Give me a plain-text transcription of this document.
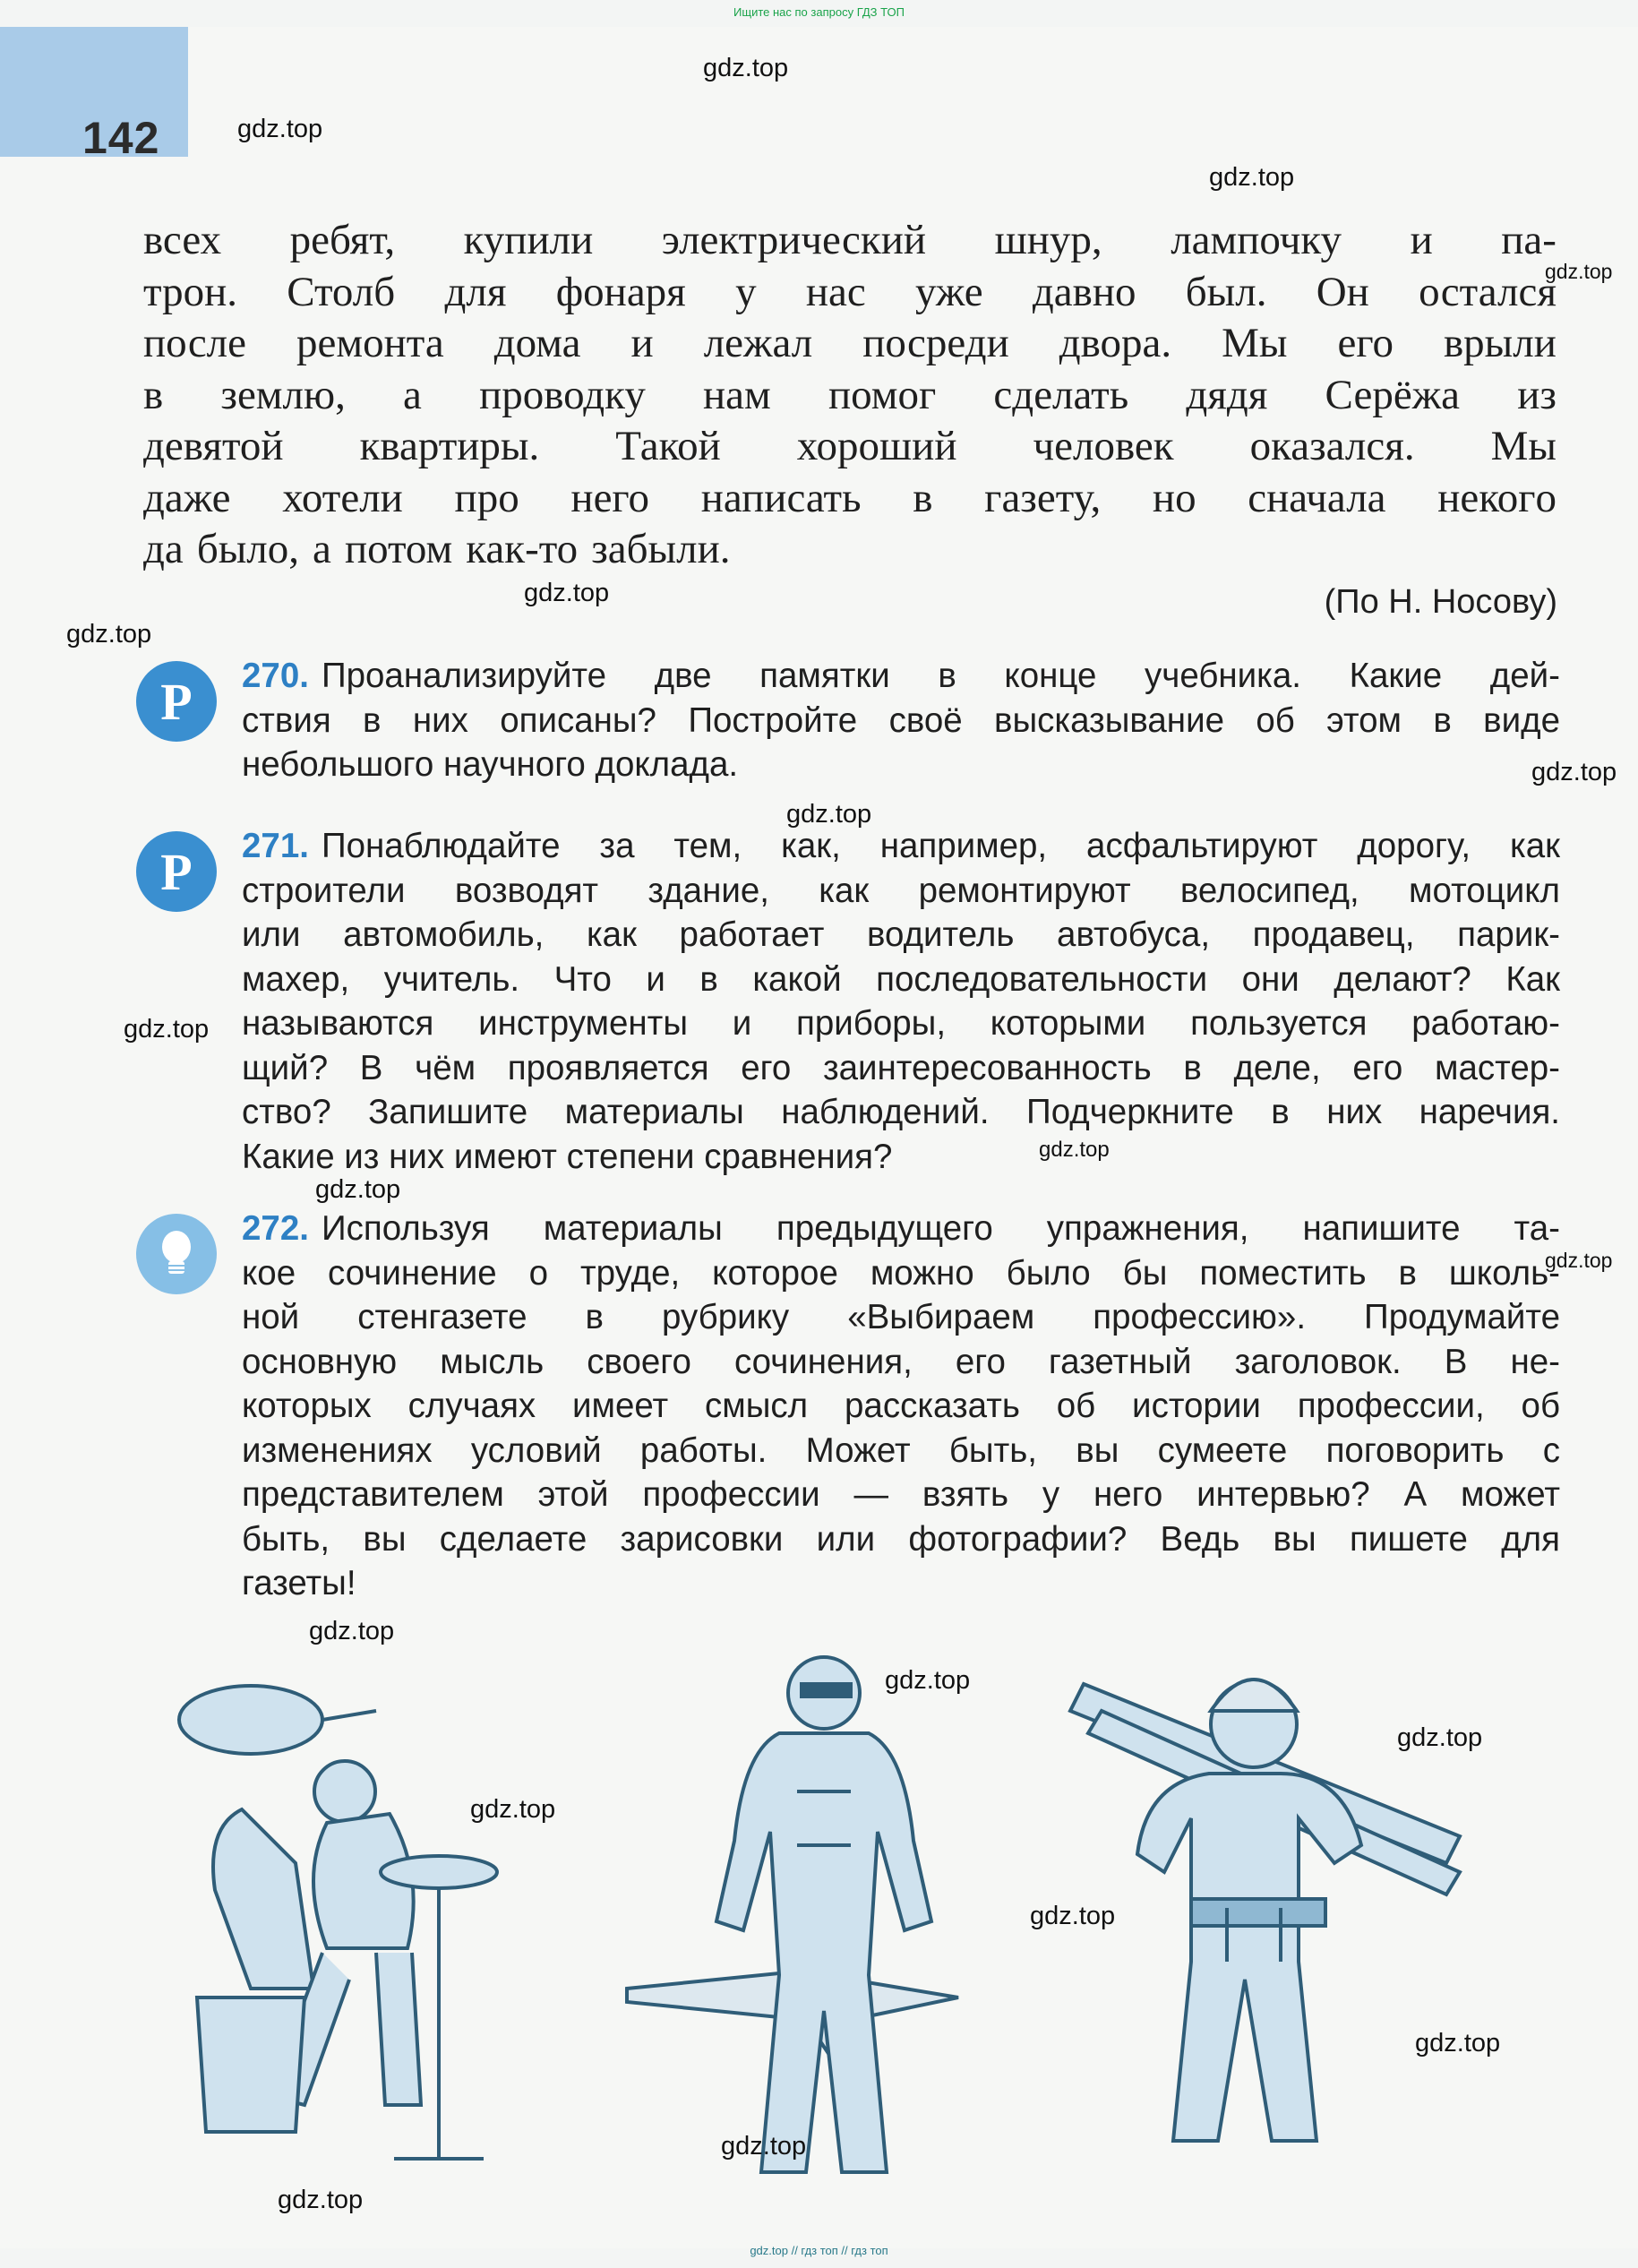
Ищите нас по запросу ГДЗ ТОП
142
всех ребят, купили электрический шнур, лампочку и па-
трон. Столб для фонаря у нас уже давно был. Он остался
после ремонта дома и лежал посреди двора. Мы его врыли
в землю, а проводку нам помог сделать дядя Серёжа из
девятой квартиры. Такой хороший человек оказался. Мы
даже хотели про него написать в газету, но сначала некогo
да было, а потом как-то забыли.
(По Н. Носову)
Р	270. Проанализируйте две памятки в конце учебника. Какие дей-
ствия в них описаны? Постройте своё высказывание об этом в виде
небольшого научного доклада.
Р	271. Понаблюдайте за тем, как, например, асфальтируют дорогу, как
строители возводят здание, как ремонтируют велосипед, мотоцикл
или автомобиль, как работает водитель автобуса, продавец, парик-
махер, учитель. Что и в какой последовательности они делают? Как
называются инструменты и приборы, которыми пользуется работаю-
щий? В чём проявляется его заинтересованность в деле, его мастер-
ство? Запишите материалы наблюдений. Подчеркните в них наречия.
Какие из них имеют степени сравнения?
272. Используя материалы предыдущего упражнения, напишите та-
кое сочинение о труде, которое можно было бы поместить в школь-
ной стенгазете в рубрику «Выбираем профессию». Продумайте
основную мысль своего сочинения, его газетный заголовок. В не-
которых случаях имеет смысл рассказать об истории профессии, об
изменениях условий работы. Может быть, вы сумеете поговорить с
представителем этой профессии — взять у него интервью? А может
быть, вы сделаете зарисовки или фотографии? Ведь вы пишете для
газеты!
gdz.top
gdz.top
gdz.top
gdz.top
gdz.top
gdz.top
gdz.top
gdz.top
gdz.top
gdz.top
gdz.top
gdz.top
gdz.top
gdz.top
gdz.top
gdz.top
gdz.top
gdz.top
gdz.top
gdz.top
gdz.top // гдз топ // гдз топ
